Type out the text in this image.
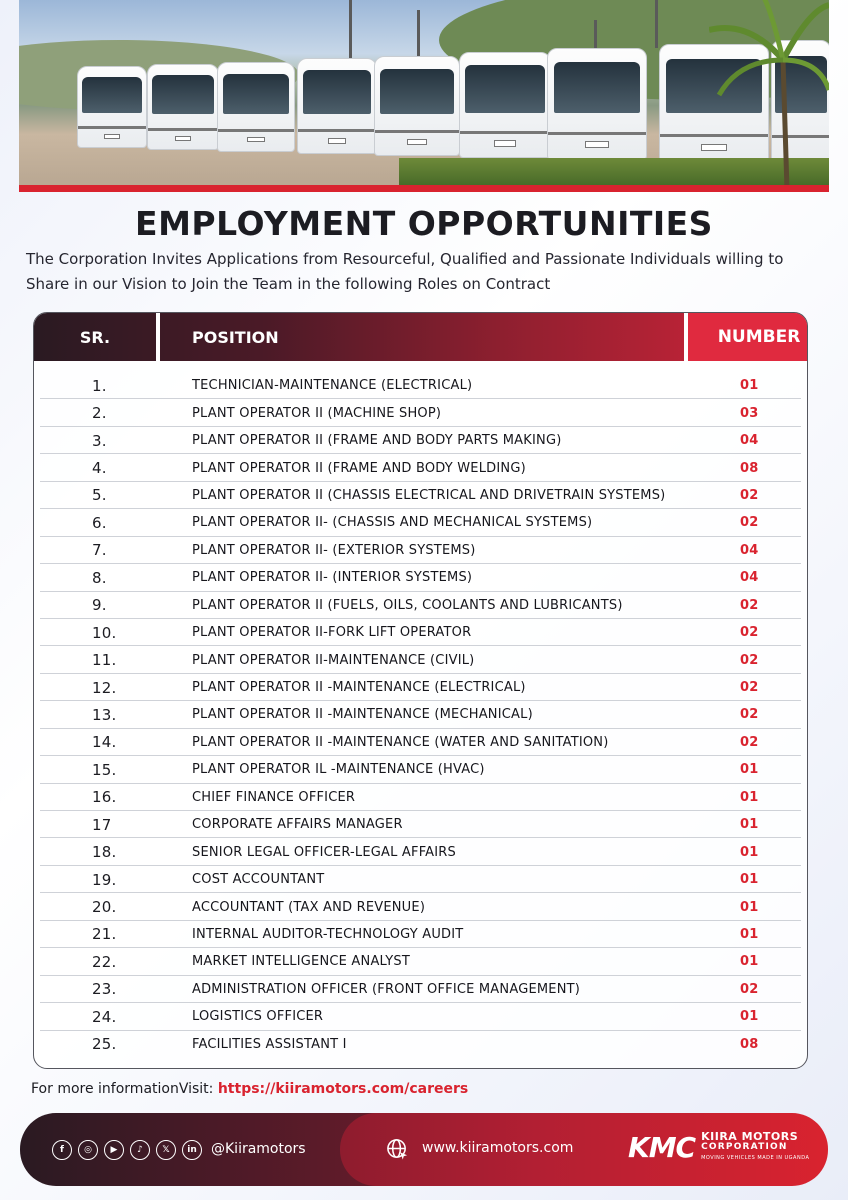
EMPLOYMENT OPPORTUNITIES
The Corporation Invites Applications from Resourceful, Qualified and Passionate Individuals willing to Share in our Vision to Join the Team in the following Roles on Contract
SR.	POSITION	NUMBER
1.	TECHNICIAN-MAINTENANCE (ELECTRICAL)	01
2.	PLANT OPERATOR II (MACHINE SHOP)	03
3.	PLANT OPERATOR II (FRAME AND BODY PARTS MAKING)	04
4.	PLANT OPERATOR II (FRAME AND BODY WELDING)	08
5.	PLANT OPERATOR II (CHASSIS ELECTRICAL AND DRIVETRAIN SYSTEMS)	02
6.	PLANT OPERATOR II- (CHASSIS AND MECHANICAL SYSTEMS)	02
7.	PLANT OPERATOR II- (EXTERIOR SYSTEMS)	04
8.	PLANT OPERATOR II- (INTERIOR SYSTEMS)	04
9.	PLANT OPERATOR II (FUELS, OILS, COOLANTS AND LUBRICANTS)	02
10.	PLANT OPERATOR II-FORK LIFT OPERATOR	02
11.	PLANT OPERATOR II-MAINTENANCE (CIVIL)	02
12.	PLANT OPERATOR II -MAINTENANCE (ELECTRICAL)	02
13.	PLANT OPERATOR II -MAINTENANCE (MECHANICAL)	02
14.	PLANT OPERATOR II -MAINTENANCE (WATER AND SANITATION)	02
15.	PLANT OPERATOR IL -MAINTENANCE (HVAC)	01
16.	CHIEF FINANCE OFFICER	01
17	CORPORATE AFFAIRS MANAGER	01
18.	SENIOR LEGAL OFFICER-LEGAL AFFAIRS	01
19.	COST ACCOUNTANT	01
20.	ACCOUNTANT (TAX AND REVENUE)	01
21.	INTERNAL AUDITOR-TECHNOLOGY AUDIT	01
22.	MARKET INTELLIGENCE ANALYST	01
23.	ADMINISTRATION OFFICER (FRONT OFFICE MANAGEMENT)	02
24.	LOGISTICS OFFICER	01
25.	FACILITIES ASSISTANT I	08
For more informationVisit: https://kiiramotors.com/careers
f	◎	▶	♪	𝕏	in	@Kiiramotors	www.kiiramotors.com KMC KIIRA MOTORS
CORPORATION
MOVING VEHICLES MADE IN UGANDA
